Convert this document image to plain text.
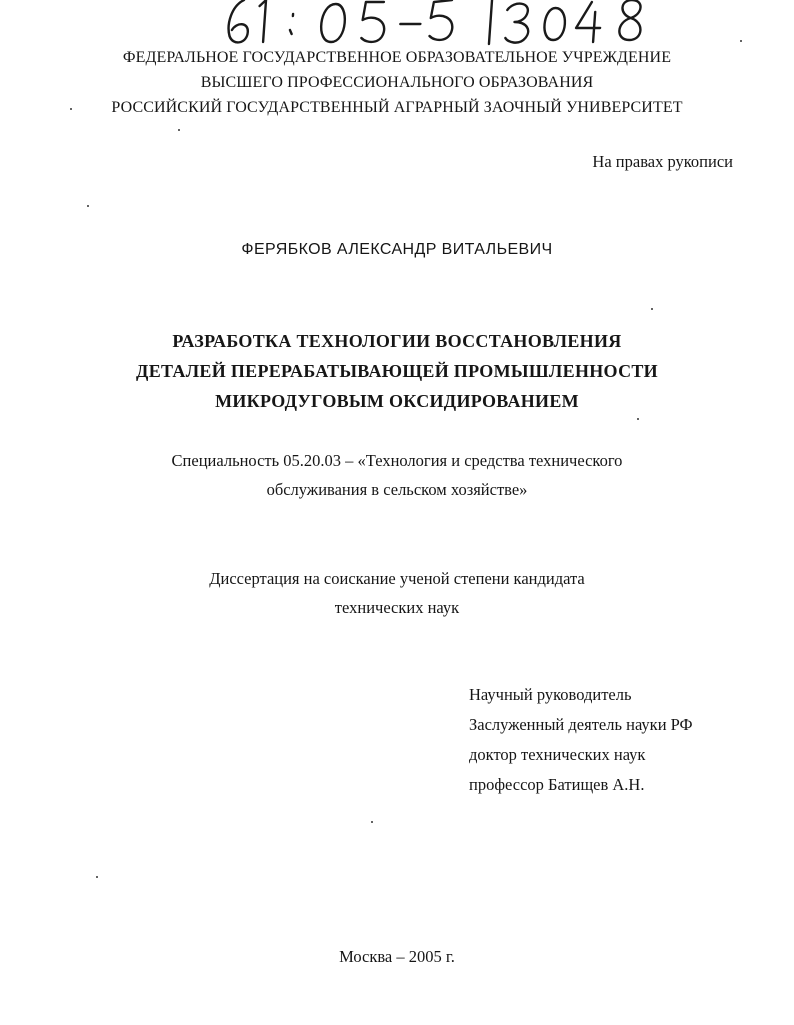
ФЕДЕРАЛЬНОЕ ГОСУДАРСТВЕННОЕ ОБРАЗОВАТЕЛЬНОЕ УЧРЕЖДЕНИЕ
ВЫСШЕГО ПРОФЕССИОНАЛЬНОГО ОБРАЗОВАНИЯ
РОССИЙСКИЙ ГОСУДАРСТВЕННЫЙ АГРАРНЫЙ ЗАОЧНЫЙ УНИВЕРСИТЕТ
На правах рукописи
ФЕРЯБКОВ АЛЕКСАНДР ВИТАЛЬЕВИЧ
РАЗРАБОТКА ТЕХНОЛОГИИ ВОССТАНОВЛЕНИЯ
ДЕТАЛЕЙ ПЕРЕРАБАТЫВАЮЩЕЙ ПРОМЫШЛЕННОСТИ
МИКРОДУГОВЫМ ОКСИДИРОВАНИЕМ
Специальность 05.20.03 – «Технология и средства технического
обслуживания в сельском хозяйстве»
Диссертация на соискание ученой степени кандидата
технических наук
Научный руководитель
Заслуженный деятель науки РФ
доктор технических наук
профессор Батищев А.Н.
Москва – 2005 г.
